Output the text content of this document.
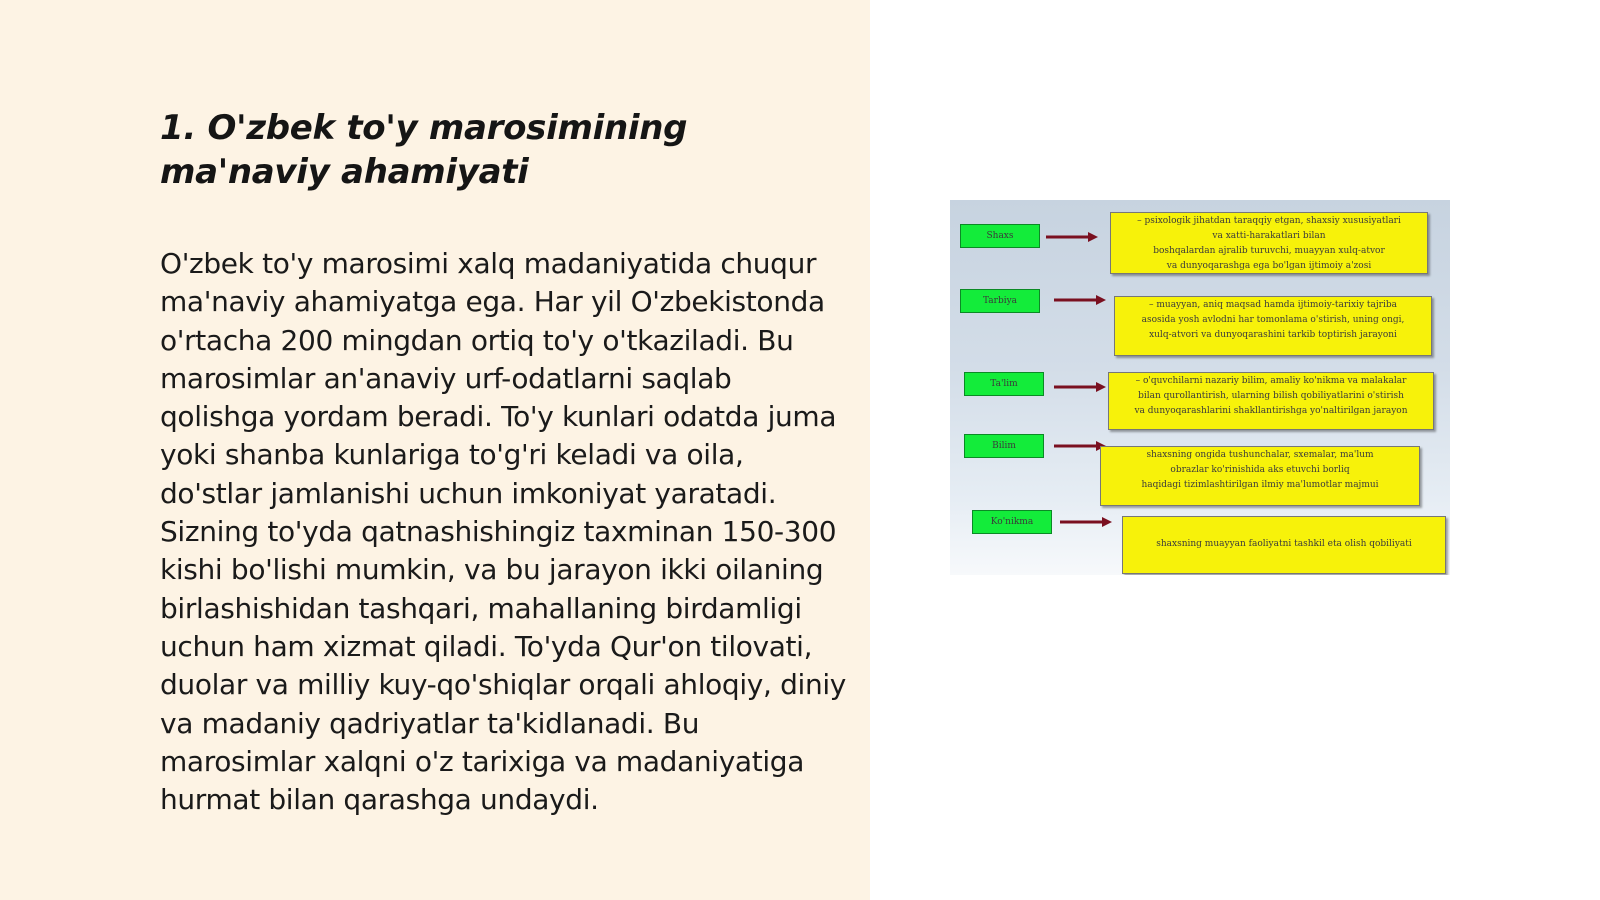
1. O'zbek to'y marosimining ma'naviy ahamiyati

O'zbek to'y marosimi xalq madaniyatida chuqur ma'naviy ahamiyatga ega. Har yil O'zbekistonda o'rtacha 200 mingdan ortiq to'y o'tkaziladi. Bu marosimlar an'anaviy urf-odatlarni saqlab qolishga yordam beradi. To'y kunlari odatda juma yoki shanba kunlariga to'g'ri keladi va oila, do'stlar jamlanishi uchun imkoniyat yaratadi. Sizning to'yda qatnashishingiz taxminan 150-300 kishi bo'lishi mumkin, va bu jarayon ikki oilaning birlashishidan tashqari, mahallaning birdamligi uchun ham xizmat qiladi. To'yda Qur'on tilovati, duolar va milliy kuy-qo'shiqlar orqali ahloqiy, diniy va madaniy qadriyatlar ta'kidlanadi. Bu marosimlar xalqni o'z tarixiga va madaniyatiga hurmat bilan qarashga undaydi.

Shaxs
– psixologik jihatdan taraqqiy etgan, shaxsiy xususiyatlari
va xatti-harakatlari bilan
boshqalardan ajralib turuvchi, muayyan xulq-atvor
va dunyoqarashga ega bo'lgan ijtimoiy a'zosi
Tarbiya	– muayyan, aniq maqsad hamda ijtimoiy-tarixiy tajriba
asosida yosh avlodni har tomonlama o'stirish, uning ongi,
xulq-atvori va dunyoqarashini tarkib toptirish jarayoni
Ta'lim	– o'quvchilarni nazariy bilim, amaliy ko'nikma va malakalar
bilan qurollantirish, ularning bilish qobiliyatlarini o'stirish
va dunyoqarashlarini shakllantirishga yo'naltirilgan jarayon
Bilim
shaxsning ongida tushunchalar, sxemalar, ma'lum
obrazlar ko'rinishida aks etuvchi borliq
haqidagi tizimlashtirilgan ilmiy ma'lumotlar majmui
Ko'nikma
shaxsning muayyan faoliyatni tashkil eta olish qobiliyati
